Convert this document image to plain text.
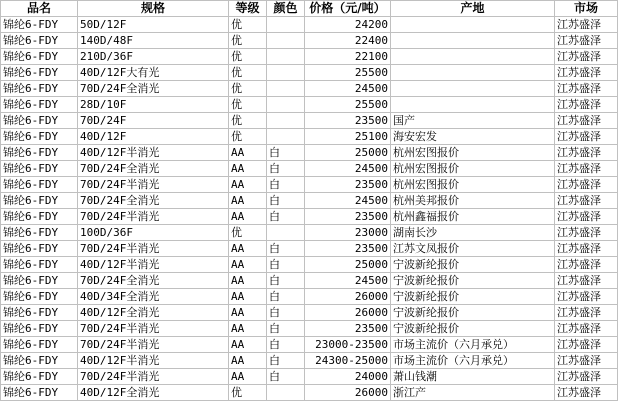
品名	规格	等级	颜色	价格（元/吨）	产地	市场
锦纶6-FDY	50D/12F	优		24200		江苏盛泽
锦纶6-FDY	140D/48F	优		22400		江苏盛泽
锦纶6-FDY	210D/36F	优		22100		江苏盛泽
锦纶6-FDY	40D/12F大有光	优		25500		江苏盛泽
锦纶6-FDY	70D/24F全消光	优		24500		江苏盛泽
锦纶6-FDY	28D/10F	优		25500		江苏盛泽
锦纶6-FDY	70D/24F	优		23500	国产	江苏盛泽
锦纶6-FDY	40D/12F	优		25100	海安宏发	江苏盛泽
锦纶6-FDY	40D/12F半消光	AA	白	25000	杭州宏图报价	江苏盛泽
锦纶6-FDY	70D/24F全消光	AA	白	24500	杭州宏图报价	江苏盛泽
锦纶6-FDY	70D/24F半消光	AA	白	23500	杭州宏图报价	江苏盛泽
锦纶6-FDY	70D/24F全消光	AA	白	24500	杭州美邦报价	江苏盛泽
锦纶6-FDY	70D/24F半消光	AA	白	23500	杭州鑫福报价	江苏盛泽
锦纶6-FDY	100D/36F	优		23000	湖南长沙	江苏盛泽
锦纶6-FDY	70D/24F半消光	AA	白	23500	江苏文凤报价	江苏盛泽
锦纶6-FDY	40D/12F半消光	AA	白	25000	宁波新纶报价	江苏盛泽
锦纶6-FDY	70D/24F全消光	AA	白	24500	宁波新纶报价	江苏盛泽
锦纶6-FDY	40D/34F全消光	AA	白	26000	宁波新纶报价	江苏盛泽
锦纶6-FDY	40D/12F全消光	AA	白	26000	宁波新纶报价	江苏盛泽
锦纶6-FDY	70D/24F半消光	AA	白	23500	宁波新纶报价	江苏盛泽
锦纶6-FDY	70D/24F半消光	AA	白	23000-23500	市场主流价（六月承兑）	江苏盛泽
锦纶6-FDY	40D/12F半消光	AA	白	24300-25000	市场主流价（六月承兑）	江苏盛泽
锦纶6-FDY	70D/24F半消光	AA	白	24000	萧山钱潮	江苏盛泽
锦纶6-FDY	40D/12F全消光	优		26000	浙江产	江苏盛泽
